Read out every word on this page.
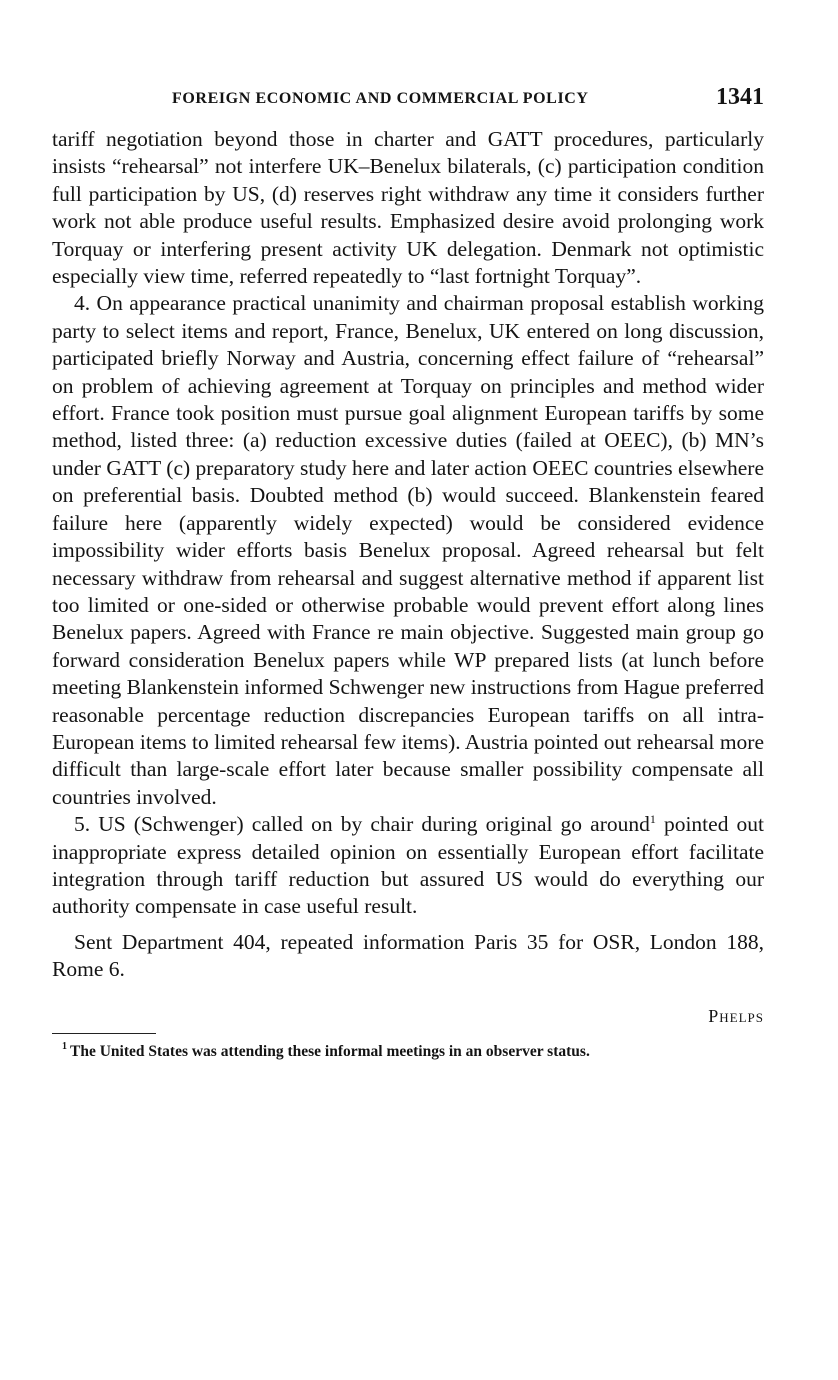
FOREIGN ECONOMIC AND COMMERCIAL POLICY	1341

tariff negotiation beyond those in charter and GATT procedures, particularly insists “rehearsal” not interfere UK–Benelux bilaterals, (c) participation condition full participation by US, (d) reserves right withdraw any time it considers further work not able produce useful results. Emphasized desire avoid prolonging work Torquay or interfering present activity UK delegation. Denmark not optimistic especially view time, referred repeatedly to “last fortnight Torquay”.

4. On appearance practical unanimity and chairman proposal establish working party to select items and report, France, Benelux, UK entered on long discussion, participated briefly Norway and Austria, concerning effect failure of “rehearsal” on problem of achieving agreement at Torquay on principles and method wider effort. France took position must pursue goal alignment European tariffs by some method, listed three: (a) reduction excessive duties (failed at OEEC), (b) MN’s under GATT (c) preparatory study here and later action OEEC countries elsewhere on preferential basis. Doubted method (b) would succeed. Blankenstein feared failure here (apparently widely expected) would be considered evidence impossibility wider efforts basis Benelux proposal. Agreed rehearsal but felt necessary withdraw from rehearsal and suggest alternative method if apparent list too limited or one-sided or otherwise probable would prevent effort along lines Benelux papers. Agreed with France re main objective. Suggested main group go forward consideration Benelux papers while WP prepared lists (at lunch before meeting Blankenstein informed Schwenger new instructions from Hague preferred reasonable percentage reduction discrepancies European tariffs on all intra-European items to limited rehearsal few items). Austria pointed out rehearsal more difficult than large-scale effort later because smaller possibility compensate all countries involved.

5. US (Schwenger) called on by chair during original go around$^1$ pointed out inappropriate express detailed opinion on essentially European effort facilitate integration through tariff reduction but assured US would do everything our authority compensate in case useful result.

Sent Department 404, repeated information Paris 35 for OSR, London 188, Rome 6.

Phelps
$^1$ The United States was attending these informal meetings in an observer status.
